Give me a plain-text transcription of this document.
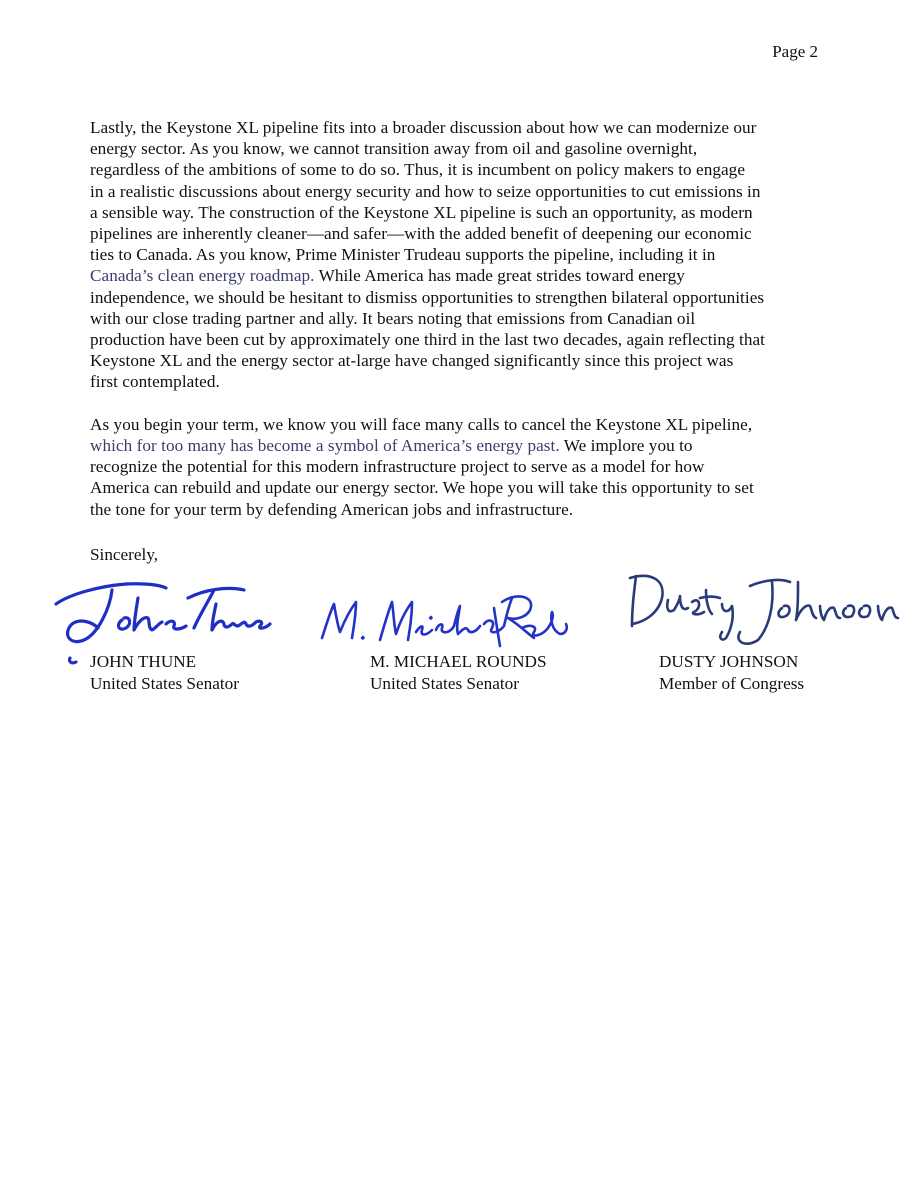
Page 2
Lastly, the Keystone XL pipeline fits into a broader discussion about how we can modernize our
energy sector. As you know, we cannot transition away from oil and gasoline overnight,
regardless of the ambitions of some to do so. Thus, it is incumbent on policy makers to engage
in a realistic discussions about energy security and how to seize opportunities to cut emissions in
a sensible way. The construction of the Keystone XL pipeline is such an opportunity, as modern
pipelines are inherently cleaner—and safer—with the added benefit of deepening our economic
ties to Canada. As you know, Prime Minister Trudeau supports the pipeline, including it in
Canada’s clean energy roadmap. While America has made great strides toward energy
independence, we should be hesitant to dismiss opportunities to strengthen bilateral opportunities
with our close trading partner and ally. It bears noting that emissions from Canadian oil
production have been cut by approximately one third in the last two decades, again reflecting that
Keystone XL and the energy sector at-large have changed significantly since this project was
first contemplated.
As you begin your term, we know you will face many calls to cancel the Keystone XL pipeline,
which for too many has become a symbol of America’s energy past. We implore you to
recognize the potential for this modern infrastructure project to serve as a model for how
America can rebuild and update our energy sector. We hope you will take this opportunity to set
the tone for your term by defending American jobs and infrastructure.
Sincerely,
JOHN THUNE
United States Senator
M. MICHAEL ROUNDS
United States Senator
DUSTY JOHNSON
Member of Congress
